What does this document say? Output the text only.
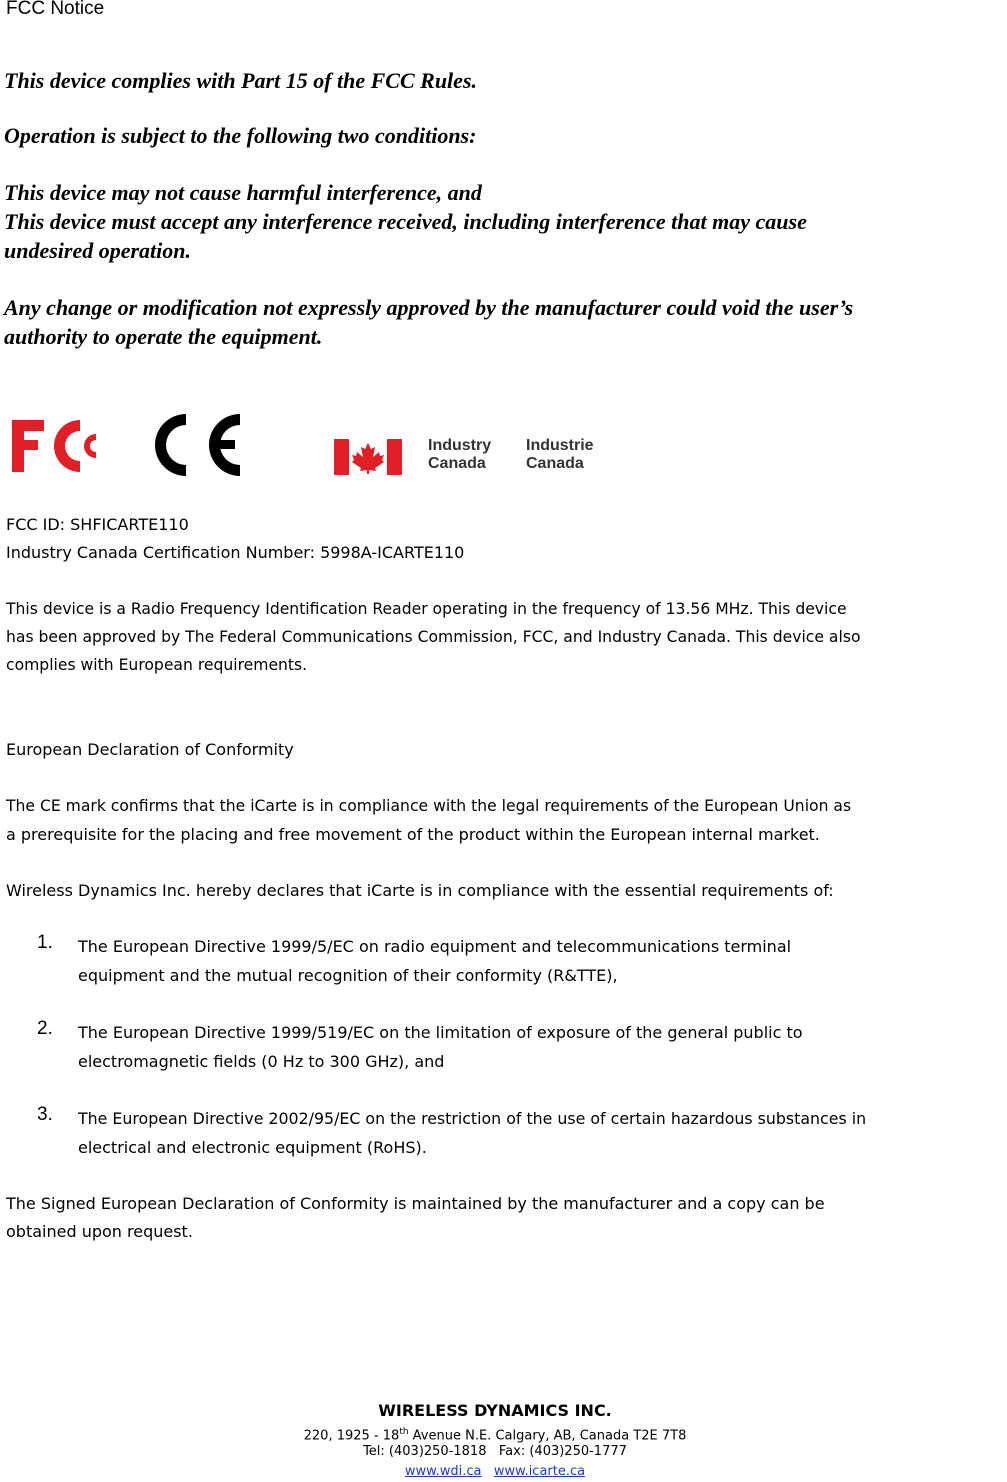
FCC Notice
This device complies with Part 15 of the FCC Rules.
Operation is subject to the following two conditions:
This device may not cause harmful interference, and
This device must accept any interference received, including interference that may cause
undesired operation.
Any change or modification not expressly approved by the manufacturer could void the user’s
authority to operate the equipment.
Industry
Canada
Industrie
Canada
FCC ID: SHFICARTE110
Industry Canada Certification Number: 5998A-ICARTE110
This device is a Radio Frequency Identification Reader operating in the frequency of 13.56 MHz. This device
has been approved by The Federal Communications Commission, FCC, and Industry Canada. This device also
complies with European requirements.
European Declaration of Conformity
The CE mark confirms that the iCarte is in compliance with the legal requirements of the European Union as
a prerequisite for the placing and free movement of the product within the European internal market.
Wireless Dynamics Inc. hereby declares that iCarte is in compliance with the essential requirements of:
1. The European Directive 1999/5/EC on radio equipment and telecommunications terminal
equipment and the mutual recognition of their conformity (R&TTE),
2. The European Directive 1999/519/EC on the limitation of exposure of the general public to
electromagnetic fields (0 Hz to 300 GHz), and
3. The European Directive 2002/95/EC on the restriction of the use of certain hazardous substances in
electrical and electronic equipment (RoHS).
The Signed European Declaration of Conformity is maintained by the manufacturer and a copy can be
obtained upon request.
WIRELESS DYNAMICS INC.
220, 1925 - 18th Avenue N.E. Calgary, AB, Canada T2E 7T8
Tel: (403)250-1818 Fax: (403)250-1777
www.wdi.ca www.icarte.ca
